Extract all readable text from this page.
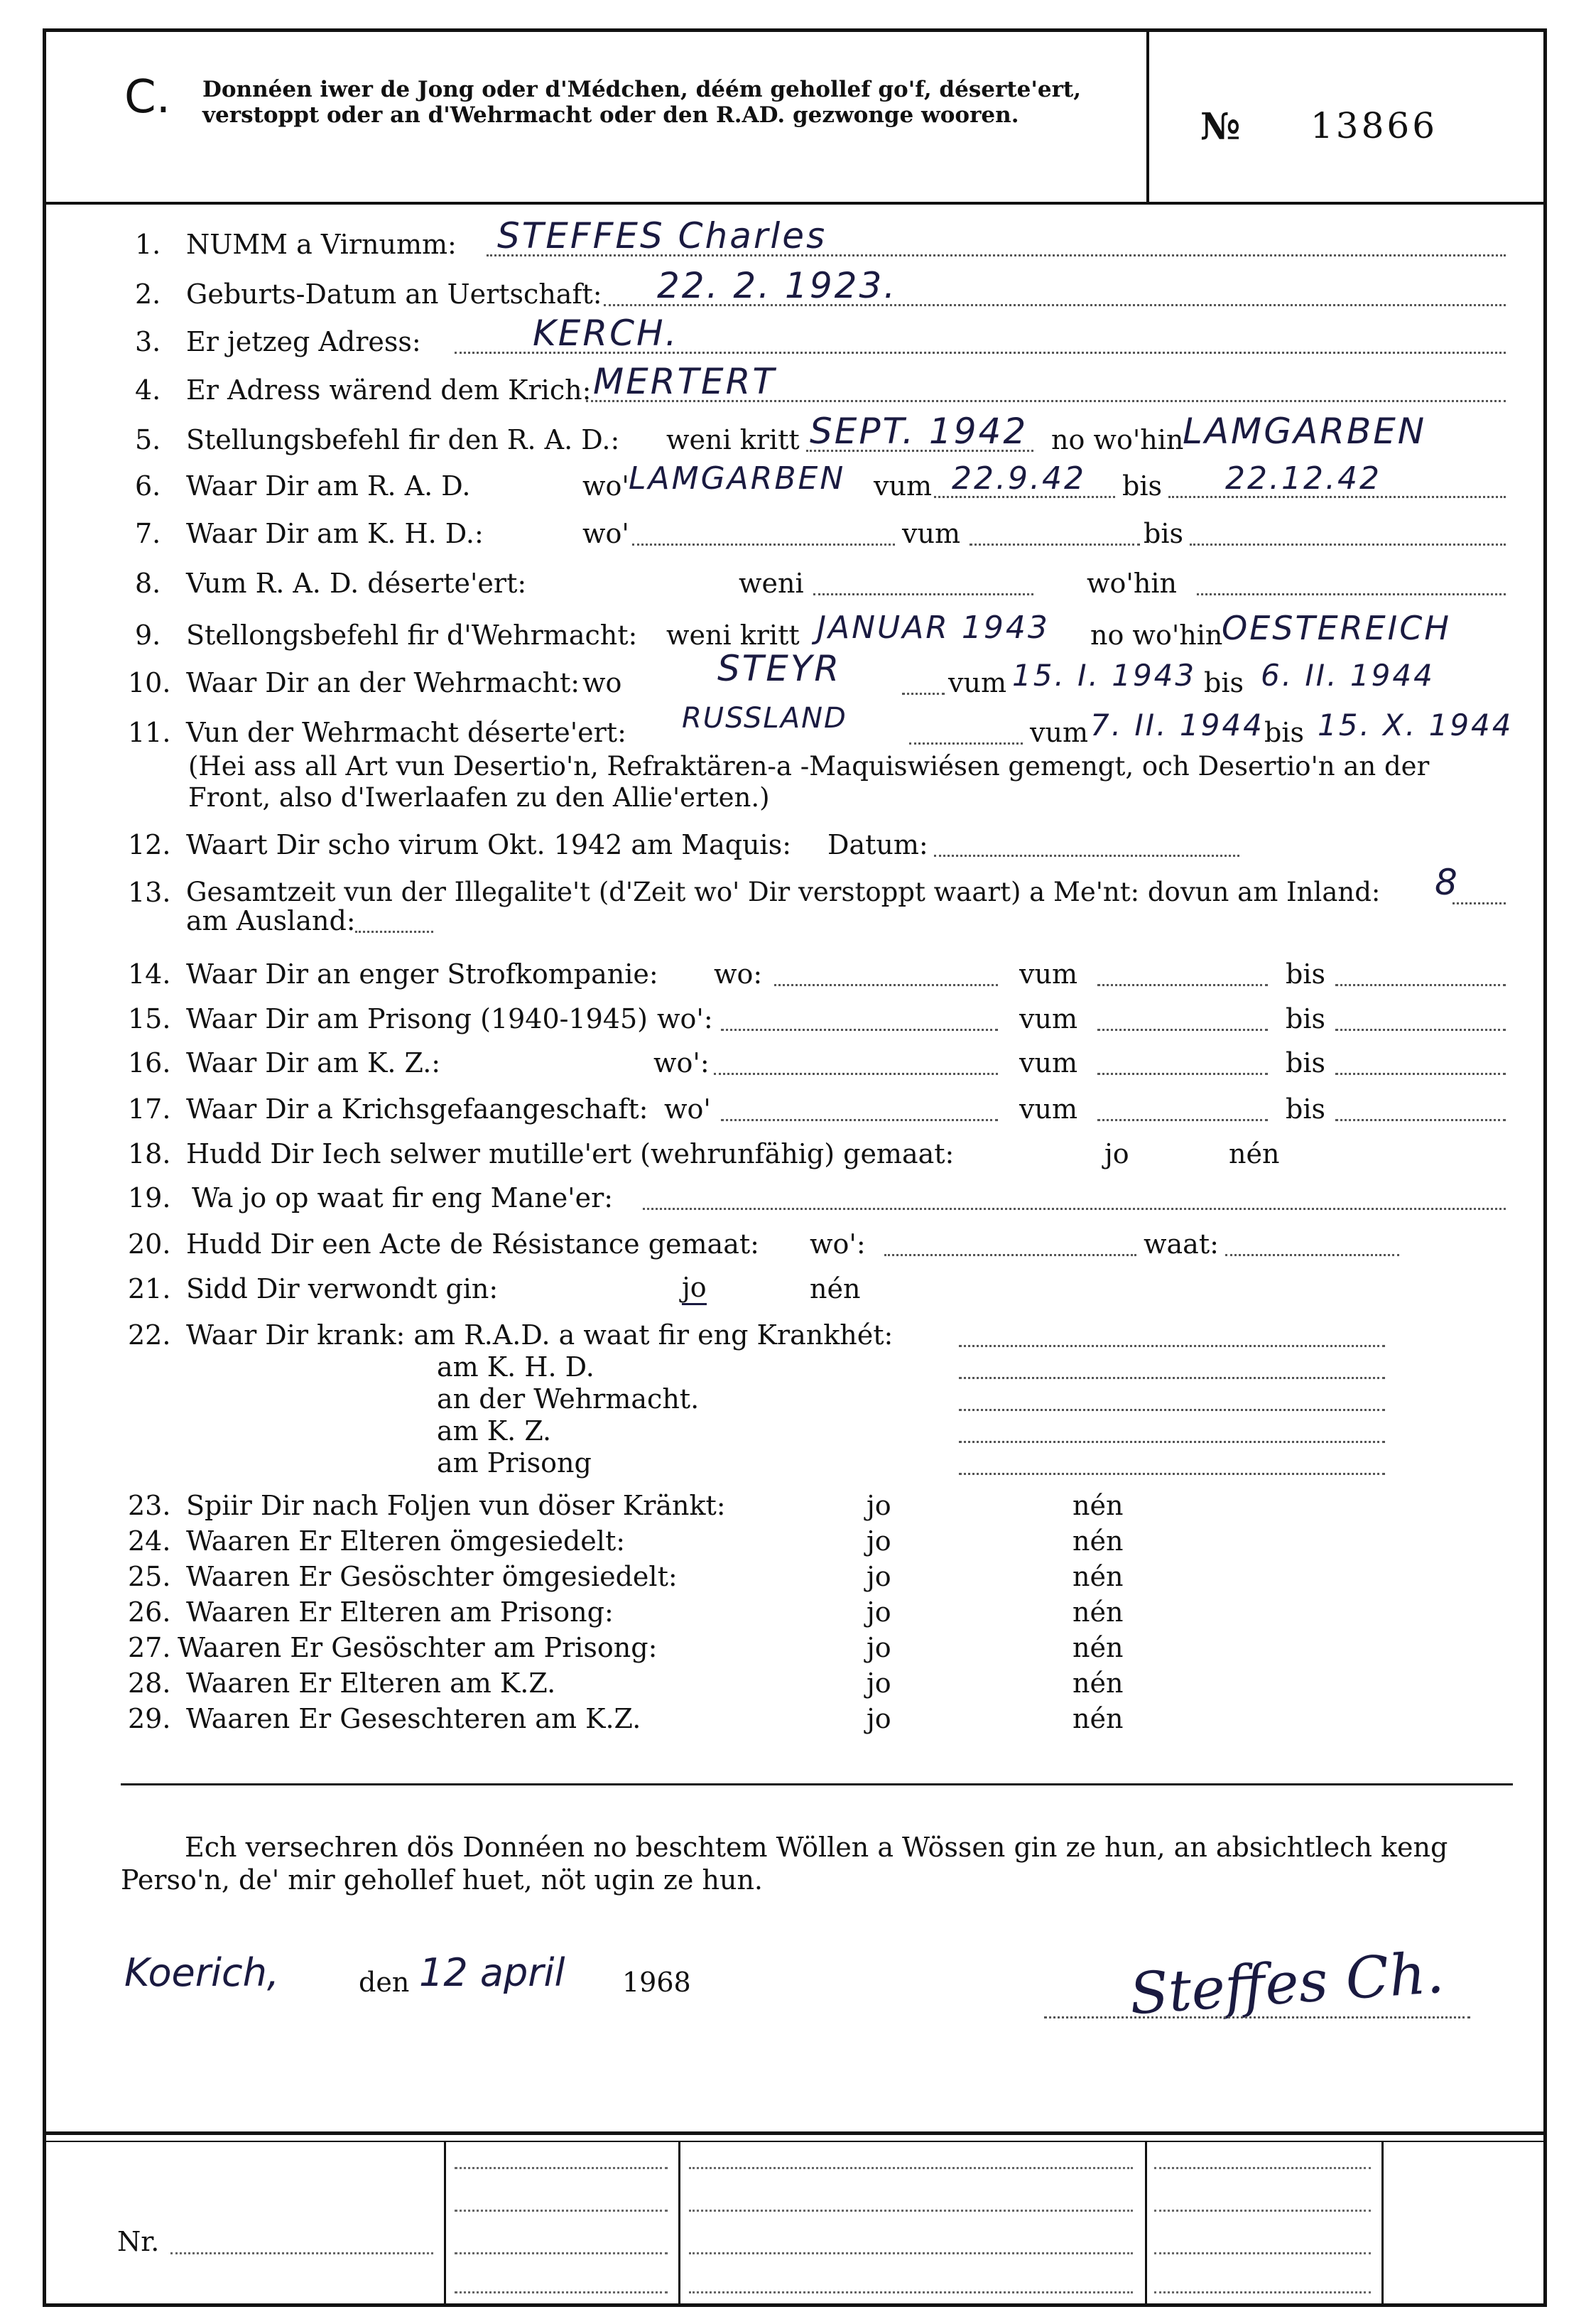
C. Donnéen iwer de Jong oder d'Médchen, déém gehollef go'f, déserte'ert, verstoppt oder an d'Wehrmacht oder den R.AD. gezwonge wooren.	№ 13866
1. NUMM a Virnumm: STEFFES Charles
2. Geburts-Datum an Uertschaft: 22. 2. 1923.
3. Er jetzeg Adress:	KERCH.
4. Er Adress wärend dem Krich: MERTERT
5. Stellungsbefehl fir den R. A. D.: weni kritt SEPT. 1942 no wo'hin
LAMGARBEN
6. Waar Dir am R. A. D.	wo' LAMGARBEN vum 22.9.42 bis 22.12.42
7. Waar Dir am K. H. D.:	wo'	vum	bis
8. Vum R. A. D. déserte'ert:	weni	wo'hin
9. Stellongsbefehl fir d'Wehrmacht: weni kritt JANUAR 1943 no wo'hin
OESTEREICH
10. Waar Dir an der Wehrmacht: wo	STEYR	vum 15. I. 1943 bis 6. II. 1944
11. Vun der Wehrmacht déserte'ert: RUSSLAND	vum 7. II. 1944 bis 15. X. 1944
(Hei ass all Art vun Desertio'n, Refraktären-a -Maquiswiésen gemengt, och Desertio'n an der Front, also d'Iwerlaafen zu den Allie'erten.)
12. Waart Dir scho virum Okt. 1942 am Maquis: Datum:
13. Gesamtzeit vun der Illegalite't (d'Zeit wo' Dir verstoppt waart) a Me'nt: dovun am Inland: 8
am Ausland:
14. Waar Dir an enger Strofkompanie: wo:	vum	bis
15. Waar Dir am Prisong (1940-1945) wo':	vum	bis
16. Waar Dir am K. Z.:	wo':	vum	bis
17. Waar Dir a Krichsgefaangeschaft: wo'	vum	bis
18. Hudd Dir Iech selwer mutille'ert (wehrunfähig) gemaat:	jo	nén
19. Wa jo op waat fir eng Mane'er:
20. Hudd Dir een Acte de Résistance gemaat: wo':	waat:
21. Sidd Dir verwondt gin:	jo	nén
22. Waar Dir krank: am R.A.D. a waat fir eng Krankhét:
am K. H. D.
an der Wehrmacht.
am K. Z.
am Prisong
23. Spiir Dir nach Foljen vun döser Kränkt:	jo	nén
24. Waaren Er Elteren ömgesiedelt:	jo	nén
25. Waaren Er Gesöschter ömgesiedelt:	jo	nén
26. Waaren Er Elteren am Prisong:	jo	nén
27. Waaren Er Gesöschter am Prisong:	jo	nén
28. Waaren Er Elteren am K.Z.	jo	nén
29. Waaren Er Geseschteren am K.Z.	jo	nén
Ech versechren dös Donnéen no beschtem Wöllen a Wössen gin ze hun, an absichtlech keng Perso'n, de' mir gehollef huet, nöt ugin ze hun.
Koerich,	den 12 april 1968	Steffes Ch.
Nr.
